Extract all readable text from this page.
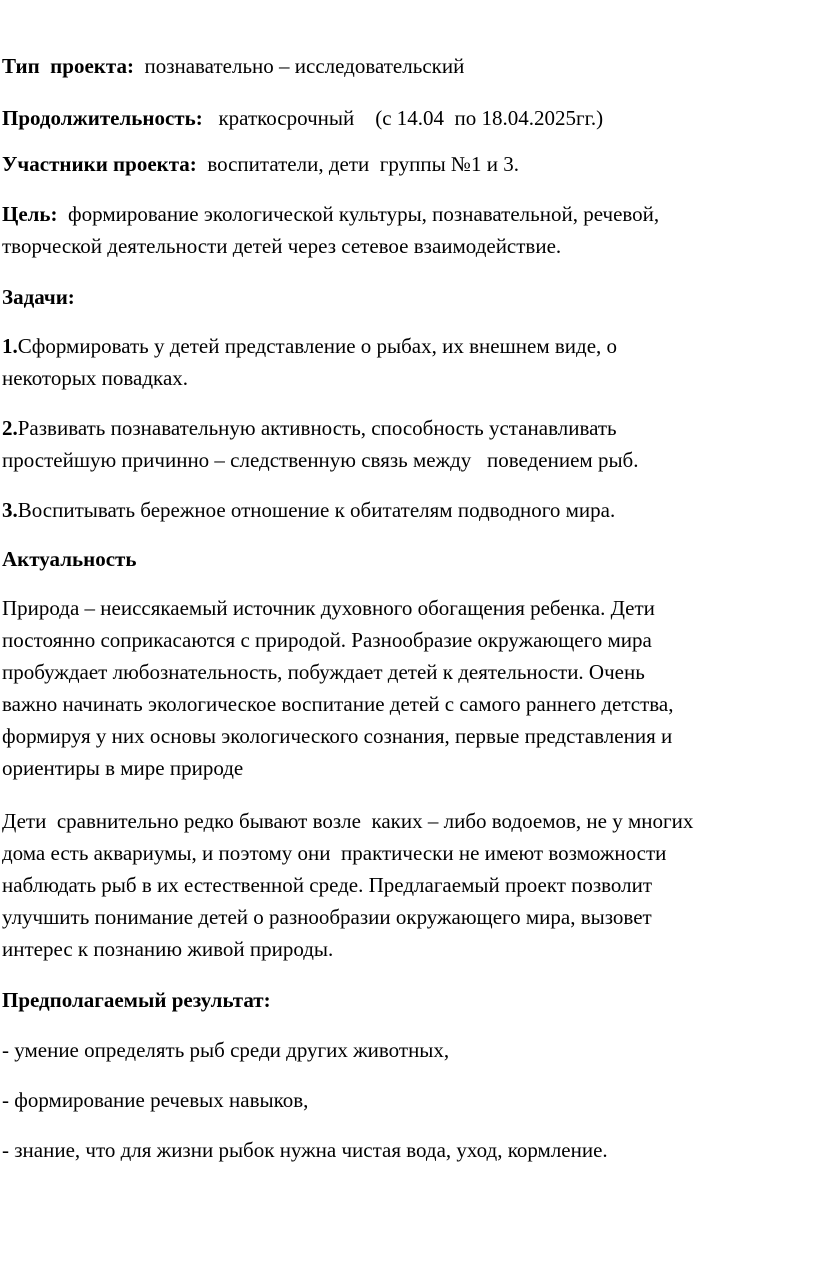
Тип  проекта:  познавательно – исследовательский
Продолжительность:   краткосрочный    (с 14.04  по 18.04.2025гг.)
Участники проекта:  воспитатели, дети  группы №1 и 3.
Цель:  формирование экологической культуры, познавательной, речевой,
творческой деятельности детей через сетевое взаимодействие.
Задачи:
1.Сформировать у детей представление о рыбах, их внешнем виде, о
некоторых повадках.
2.Развивать познавательную активность, способность устанавливать
простейшую причинно – следственную связь между   поведением рыб.
3.Воспитывать бережное отношение к обитателям подводного мира.
Актуальность
Природа – неиссякаемый источник духовного обогащения ребенка. Дети
постоянно соприкасаются с природой. Разнообразие окружающего мира
пробуждает любознательность, побуждает детей к деятельности. Очень
важно начинать экологическое воспитание детей с самого раннего детства,
формируя у них основы экологического сознания, первые представления и
ориентиры в мире природе
Дети  сравнительно редко бывают возле  каких – либо водоемов, не у многих
дома есть аквариумы, и поэтому они  практически не имеют возможности
наблюдать рыб в их естественной среде. Предлагаемый проект позволит
улучшить понимание детей о разнообразии окружающего мира, вызовет
интерес к познанию живой природы.
Предполагаемый результат:
- умение определять рыб среди других животных,
- формирование речевых навыков,
- знание, что для жизни рыбок нужна чистая вода, уход, кормление.
